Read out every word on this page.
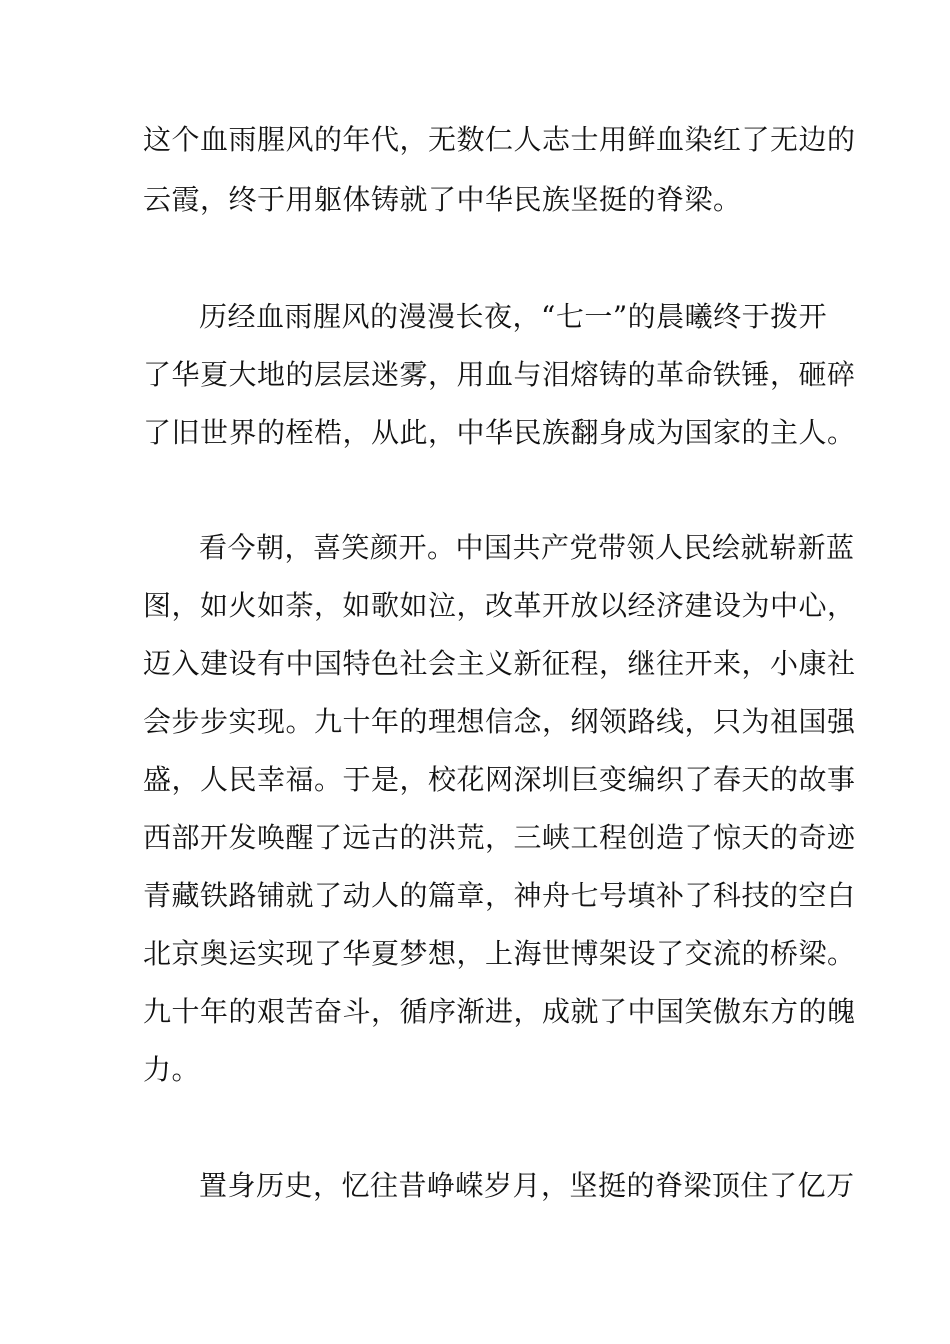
这个血雨腥风的年代，无数仁人志士用鲜血染红了无边的
云霞，终于用躯体铸就了中华民族坚挺的脊梁。
历经血雨腥风的漫漫长夜，“七一”的晨曦终于拨开
了华夏大地的层层迷雾，用血与泪熔铸的革命铁锤，砸碎
了旧世界的桎梏，从此，中华民族翻身成为国家的主人。
看今朝，喜笑颜开。中国共产党带领人民绘就崭新蓝
图，如火如荼，如歌如泣，改革开放以经济建设为中心，
迈入建设有中国特色社会主义新征程，继往开来，小康社
会步步实现。九十年的理想信念，纲领路线，只为祖国强
盛，人民幸福。于是，校花网深圳巨变编织了春天的故事
西部开发唤醒了远古的洪荒，三峡工程创造了惊天的奇迹
青藏铁路铺就了动人的篇章，神舟七号填补了科技的空白
北京奥运实现了华夏梦想，上海世博架设了交流的桥梁。
九十年的艰苦奋斗，循序渐进，成就了中国笑傲东方的魄
力。
置身历史，忆往昔峥嵘岁月，坚挺的脊梁顶住了亿万
